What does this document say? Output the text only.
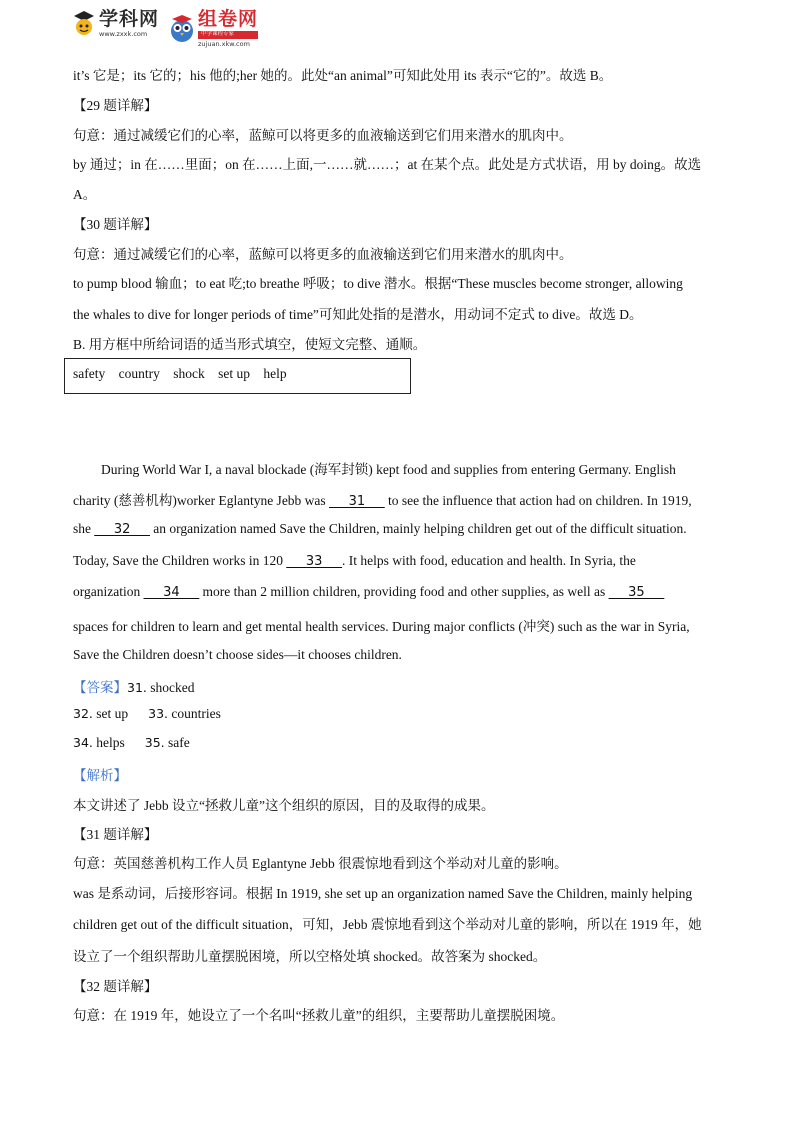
学科网
www.zxxk.com
组卷网
中学课程专家
zujuan.xkw.com
it’s 它是；its 它的；his 他的;her 她的。此处“an animal”可知此处用 its 表示“它的”。故选 B。
【29 题详解】
句意：通过减缓它们的心率，蓝鲸可以将更多的血液输送到它们用来潜水的肌肉中。
by 通过；in 在……里面；on 在……上面,一……就……；at 在某个点。此处是方式状语，用 by doing。故选
A。
【30 题详解】
句意：通过减缓它们的心率，蓝鲸可以将更多的血液输送到它们用来潜水的肌肉中。
to pump blood 输血；to eat 吃;to breathe 呼吸；to dive 潜水。根据“These muscles become stronger, allowing
the whales to dive for longer periods of time”可知此处指的是潜水，用动词不定式 to dive。故选 D。
B. 用方框中所给词语的适当形式填空，使短文完整、通顺。
safety country shock set up help
During World War I, a naval blockade (海军封锁) kept food and supplies from entering Germany. English
charity (慈善机构)worker Eglantyne Jebb was ___31___ to see the influence that action had on children. In 1919,
she ___32___ an organization named Save the Children, mainly helping children get out of the difficult situation.
Today, Save the Children works in 120 ___33___. It helps with food, education and health. In Syria, the
organization ___34___ more than 2 million children, providing food and other supplies, as well as ___35___
spaces for children to learn and get mental health services. During major conflicts (冲突) such as the war in Syria,
Save the Children doesn’t choose sides—it chooses children.
【答案】31. shocked
32. set up 33. countries
34. helps 35. safe
【解析】
本文讲述了 Jebb 设立“拯救儿童”这个组织的原因，目的及取得的成果。
【31 题详解】
句意：英国慈善机构工作人员 Eglantyne Jebb 很震惊地看到这个举动对儿童的影响。
was 是系动词，后接形容词。根据 In 1919, she set up an organization named Save the Children, mainly helping
children get out of the difficult situation，可知，Jebb 震惊地看到这个举动对儿童的影响，所以在 1919 年，她
设立了一个组织帮助儿童摆脱困境，所以空格处填 shocked。故答案为 shocked。
【32 题详解】
句意：在 1919 年，她设立了一个名叫“拯救儿童”的组织，主要帮助儿童摆脱困境。
